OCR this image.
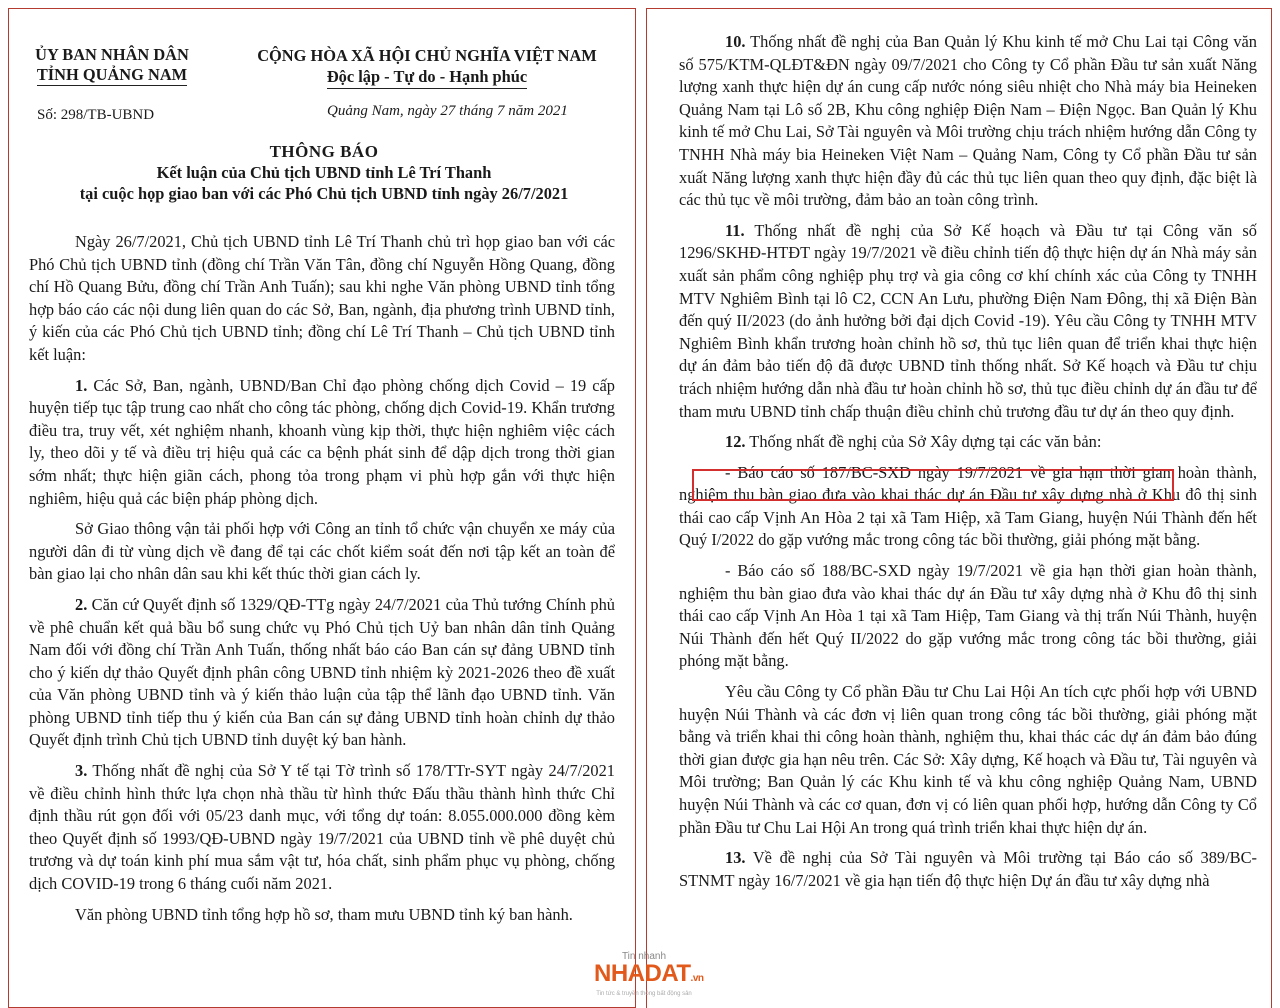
ỦY BAN NHÂN DÂN
TỈNH QUẢNG NAM
Số: 298/TB-UBND
CỘNG HÒA XÃ HỘI CHỦ NGHĨA VIỆT NAM
Độc lập - Tự do - Hạnh phúc
Quảng Nam, ngày 27 tháng 7 năm 2021
THÔNG BÁO
Kết luận của Chủ tịch UBND tỉnh Lê Trí Thanh
tại cuộc họp giao ban với các Phó Chủ tịch UBND tỉnh ngày 26/7/2021

Ngày 26/7/2021, Chủ tịch UBND tỉnh Lê Trí Thanh chủ trì họp giao ban với các Phó Chủ tịch UBND tỉnh (đồng chí Trần Văn Tân, đồng chí Nguyễn Hồng Quang, đồng chí Hồ Quang Bửu, đồng chí Trần Anh Tuấn); sau khi nghe Văn phòng UBND tỉnh tổng hợp báo cáo các nội dung liên quan do các Sở, Ban, ngành, địa phương trình UBND tỉnh, ý kiến của các Phó Chủ tịch UBND tỉnh; đồng chí Lê Trí Thanh – Chủ tịch UBND tỉnh kết luận:

1. Các Sở, Ban, ngành, UBND/Ban Chỉ đạo phòng chống dịch Covid – 19 cấp huyện tiếp tục tập trung cao nhất cho công tác phòng, chống dịch Covid-19. Khẩn trương điều tra, truy vết, xét nghiệm nhanh, khoanh vùng kịp thời, thực hiện nghiêm việc cách ly, theo dõi y tế và điều trị hiệu quả các ca bệnh phát sinh để dập dịch trong thời gian sớm nhất; thực hiện giãn cách, phong tỏa trong phạm vi phù hợp gắn với thực hiện nghiêm, hiệu quả các biện pháp phòng dịch.

Sở Giao thông vận tải phối hợp với Công an tỉnh tổ chức vận chuyển xe máy của người dân đi từ vùng dịch về đang để tại các chốt kiểm soát đến nơi tập kết an toàn để bàn giao lại cho nhân dân sau khi kết thúc thời gian cách ly.

2. Căn cứ Quyết định số 1329/QĐ-TTg ngày 24/7/2021 của Thủ tướng Chính phủ về phê chuẩn kết quả bầu bổ sung chức vụ Phó Chủ tịch Uỷ ban nhân dân tỉnh Quảng Nam đối với đồng chí Trần Anh Tuấn, thống nhất báo cáo Ban cán sự đảng UBND tỉnh cho ý kiến dự thảo Quyết định phân công UBND tỉnh nhiệm kỳ 2021-2026 theo đề xuất của Văn phòng UBND tỉnh và ý kiến thảo luận của tập thể lãnh đạo UBND tỉnh. Văn phòng UBND tỉnh tiếp thu ý kiến của Ban cán sự đảng UBND tỉnh hoàn chỉnh dự thảo Quyết định trình Chủ tịch UBND tỉnh duyệt ký ban hành.

3. Thống nhất đề nghị của Sở Y tế tại Tờ trình số 178/TTr-SYT ngày 24/7/2021 về điều chỉnh hình thức lựa chọn nhà thầu từ hình thức Đấu thầu thành hình thức Chỉ định thầu rút gọn đối với 05/23 danh mục, với tổng dự toán: 8.055.000.000 đồng kèm theo Quyết định số 1993/QĐ-UBND ngày 19/7/2021 của UBND tỉnh về phê duyệt chủ trương và dự toán kinh phí mua sắm vật tư, hóa chất, sinh phẩm phục vụ phòng, chống dịch COVID-19 trong 6 tháng cuối năm 2021.

Văn phòng UBND tỉnh tổng hợp hồ sơ, tham mưu UBND tỉnh ký ban hành.

10. Thống nhất đề nghị của Ban Quản lý Khu kinh tế mở Chu Lai tại Công văn số 575/KTM-QLĐT&ĐN ngày 09/7/2021 cho Công ty Cổ phần Đầu tư sản xuất Năng lượng xanh thực hiện dự án cung cấp nước nóng siêu nhiệt cho Nhà máy bia Heineken Quảng Nam tại Lô số 2B, Khu công nghiệp Điện Nam – Điện Ngọc. Ban Quản lý Khu kinh tế mở Chu Lai, Sở Tài nguyên và Môi trường chịu trách nhiệm hướng dẫn Công ty TNHH Nhà máy bia Heineken Việt Nam – Quảng Nam, Công ty Cổ phần Đầu tư sản xuất Năng lượng xanh thực hiện đầy đủ các thủ tục liên quan theo quy định, đặc biệt là các thủ tục về môi trường, đảm bảo an toàn công trình.

11. Thống nhất đề nghị của Sở Kế hoạch và Đầu tư tại Công văn số 1296/SKHĐ-HTĐT ngày 19/7/2021 về điều chỉnh tiến độ thực hiện dự án Nhà máy sản xuất sản phẩm công nghiệp phụ trợ và gia công cơ khí chính xác của Công ty TNHH MTV Nghiêm Bình tại lô C2, CCN An Lưu, phường Điện Nam Đông, thị xã Điện Bàn đến quý II/2023 (do ảnh hưởng bởi đại dịch Covid -19). Yêu cầu Công ty TNHH MTV Nghiêm Bình khẩn trương hoàn chỉnh hồ sơ, thủ tục liên quan để triển khai thực hiện dự án đảm bảo tiến độ đã được UBND tỉnh thống nhất. Sở Kế hoạch và Đầu tư chịu trách nhiệm hướng dẫn nhà đầu tư hoàn chỉnh hồ sơ, thủ tục điều chỉnh dự án đầu tư để tham mưu UBND tỉnh chấp thuận điều chỉnh chủ trương đầu tư dự án theo quy định.

12. Thống nhất đề nghị của Sở Xây dựng tại các văn bản:

- Báo cáo số 187/BC-SXD ngày 19/7/2021 về gia hạn thời gian hoàn thành, nghiệm thu bàn giao đưa vào khai thác dự án Đầu tư xây dựng nhà ở Khu đô thị sinh thái cao cấp Vịnh An Hòa 2 tại xã Tam Hiệp, xã Tam Giang, huyện Núi Thành đến hết Quý I/2022 do gặp vướng mắc trong công tác bồi thường, giải phóng mặt bằng.

- Báo cáo số 188/BC-SXD ngày 19/7/2021 về gia hạn thời gian hoàn thành, nghiệm thu bàn giao đưa vào khai thác dự án Đầu tư xây dựng nhà ở Khu đô thị sinh thái cao cấp Vịnh An Hòa 1 tại xã Tam Hiệp, Tam Giang và thị trấn Núi Thành, huyện Núi Thành đến hết Quý II/2022 do gặp vướng mắc trong công tác bồi thường, giải phóng mặt bằng.

Yêu cầu Công ty Cổ phần Đầu tư Chu Lai Hội An tích cực phối hợp với UBND huyện Núi Thành và các đơn vị liên quan trong công tác bồi thường, giải phóng mặt bằng và triển khai thi công hoàn thành, nghiệm thu, khai thác các dự án đảm bảo đúng thời gian được gia hạn nêu trên. Các Sở: Xây dựng, Kế hoạch và Đầu tư, Tài nguyên và Môi trường; Ban Quản lý các Khu kinh tế và khu công nghiệp Quảng Nam, UBND huyện Núi Thành và các cơ quan, đơn vị có liên quan phối hợp, hướng dẫn Công ty Cổ phần Đầu tư Chu Lai Hội An trong quá trình triển khai thực hiện dự án.

13. Về đề nghị của Sở Tài nguyên và Môi trường tại Báo cáo số 389/BC-STNMT ngày 16/7/2021 về gia hạn tiến độ thực hiện Dự án đầu tư xây dựng nhà

Tin nhanh
NHADAT.vn
Tin tức & truyền thông bất động sản
